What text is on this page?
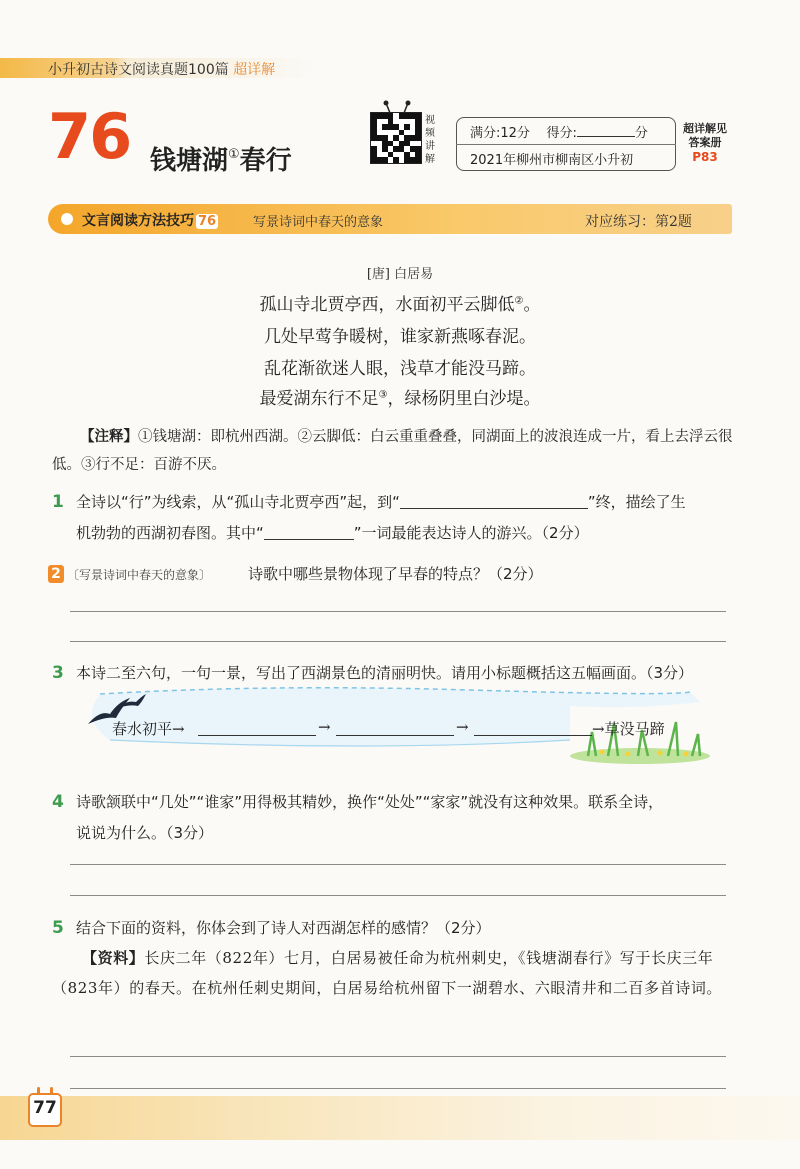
小升初古诗文阅读真题100篇 超详解
76 钱塘湖①春行
视频讲解
满分:12分 得分:	分
2021年柳州市柳南区小升初
超详解见
答案册
P83
文言阅读方法技巧 76	写景诗词中春天的意象	对应练习：第2题
[唐] 白居易
孤山寺北贾亭西，水面初平云脚低②。
几处早莺争暖树，谁家新燕啄春泥。
乱花渐欲迷人眼，浅草才能没马蹄。
最爱湖东行不足③，绿杨阴里白沙堤。
【注释】①钱塘湖：即杭州西湖。②云脚低：白云重重叠叠，同湖面上的波浪连成一片，看上去浮云很低。③行不足：百游不厌。
1 全诗以“行”为线索，从“孤山寺北贾亭西”起，到“	”终，描绘了生
机勃勃的西湖初春图。其中“	”一词最能表达诗人的游兴。（2分）
2 〔写景诗词中春天的意象〕 诗歌中哪些景物体现了早春的特点？（2分）
3 本诗二至六句，一句一景，写出了西湖景色的清丽明快。请用小标题概括这五幅画面。（3分）
春水初平→	→	→	→草没马蹄
4 诗歌颔联中“几处”“谁家”用得极其精妙，换作“处处”“家家”就没有这种效果。联系全诗，
说说为什么。（3分）
5 结合下面的资料，你体会到了诗人对西湖怎样的感情？（2分）
【资料】长庆二年（822年）七月，白居易被任命为杭州刺史，《钱塘湖春行》写于长庆三年（823年）的春天。在杭州任刺史期间，白居易给杭州留下一湖碧水、六眼清井和二百多首诗词。
77
